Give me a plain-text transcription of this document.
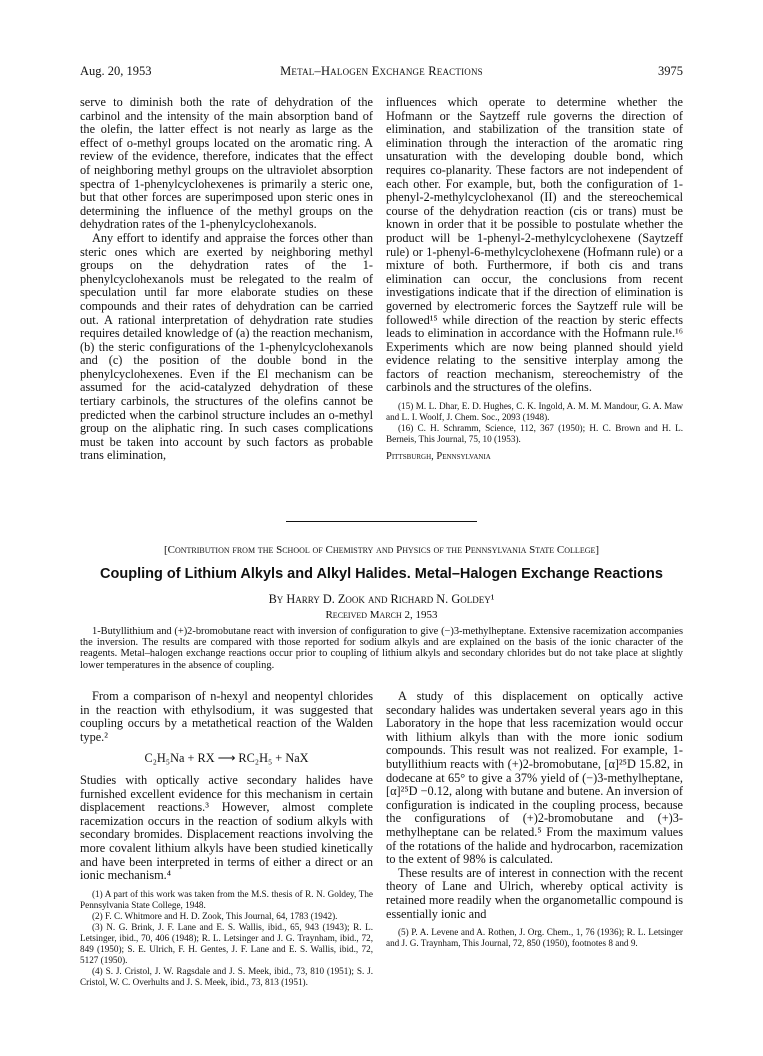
Aug. 20, 1953	Metal–Halogen Exchange Reactions	3975

serve to diminish both the rate of dehydration of the carbinol and the intensity of the main absorption band of the olefin, the latter effect is not nearly as large as the effect of o-methyl groups located on the aromatic ring. A review of the evidence, therefore, indicates that the effect of neighboring methyl groups on the ultraviolet absorption spectra of 1-phenylcyclohexenes is primarily a steric one, but that other forces are superimposed upon steric ones in determining the influence of the methyl groups on the dehydration rates of the 1-phenylcyclohexanols.

Any effort to identify and appraise the forces other than steric ones which are exerted by neighboring methyl groups on the dehydration rates of the 1-phenylcyclohexanols must be relegated to the realm of speculation until far more elaborate studies on these compounds and their rates of dehydration can be carried out. A rational interpretation of dehydration rate studies requires detailed knowledge of (a) the reaction mechanism, (b) the steric configurations of the 1-phenylcyclohexanols and (c) the position of the double bond in the phenylcyclohexenes. Even if the El mechanism can be assumed for the acid-catalyzed dehydration of these tertiary carbinols, the structures of the olefins cannot be predicted when the carbinol structure includes an o-methyl group on the aliphatic ring. In such cases complications must be taken into account by such factors as probable trans elimination,

influences which operate to determine whether the Hofmann or the Saytzeff rule governs the direction of elimination, and stabilization of the transition state of elimination through the interaction of the aromatic ring unsaturation with the developing double bond, which requires co-planarity. These factors are not independent of each other. For example, but, both the configuration of 1-phenyl-2-methylcyclohexanol (II) and the stereochemical course of the dehydration reaction (cis or trans) must be known in order that it be possible to postulate whether the product will be 1-phenyl-2-methylcyclohexene (Saytzeff rule) or 1-phenyl-6-methylcyclohexene (Hofmann rule) or a mixture of both. Furthermore, if both cis and trans elimination can occur, the conclusions from recent investigations indicate that if the direction of elimination is governed by electromeric forces the Saytzeff rule will be followed¹⁵ while direction of the reaction by steric effects leads to elimination in accordance with the Hofmann rule.¹⁶ Experiments which are now being planned should yield evidence relating to the sensitive interplay among the factors of reaction mechanism, stereochemistry of the carbinols and the structures of the olefins.

(15) M. L. Dhar, E. D. Hughes, C. K. Ingold, A. M. M. Mandour, G. A. Maw and L. I. Woolf, J. Chem. Soc., 2093 (1948).

(16) C. H. Schramm, Science, 112, 367 (1950); H. C. Brown and H. L. Berneis, This Journal, 75, 10 (1953).

Pittsburgh, Pennsylvania

[Contribution from the School of Chemistry and Physics of the Pennsylvania State College]
Coupling of Lithium Alkyls and Alkyl Halides. Metal–Halogen Exchange Reactions
By Harry D. Zook and Richard N. Goldey¹
Received March 2, 1953

1-Butyllithium and (+)2-bromobutane react with inversion of configuration to give (−)3-methylheptane. Extensive racemization accompanies the inversion. The results are compared with those reported for sodium alkyls and are explained on the basis of the ionic character of the reagents. Metal–halogen exchange reactions occur prior to coupling of lithium alkyls and secondary chlorides but do not take place at slightly lower temperatures in the absence of coupling.

From a comparison of n-hexyl and neopentyl chlorides in the reaction with ethylsodium, it was suggested that coupling occurs by a metathetical reaction of the Walden type.²

C₂H₅Na + RX ⟶ RC₂H₅ + NaX

Studies with optically active secondary halides have furnished excellent evidence for this mechanism in certain displacement reactions.³ However, almost complete racemization occurs in the reaction of sodium alkyls with secondary bromides. Displacement reactions involving the more covalent lithium alkyls have been studied kinetically and have been interpreted in terms of either a direct or an ionic mechanism.⁴

(1) A part of this work was taken from the M.S. thesis of R. N. Goldey, The Pennsylvania State College, 1948.

(2) F. C. Whitmore and H. D. Zook, This Journal, 64, 1783 (1942).

(3) N. G. Brink, J. F. Lane and E. S. Wallis, ibid., 65, 943 (1943); R. L. Letsinger, ibid., 70, 406 (1948); R. L. Letsinger and J. G. Traynham, ibid., 72, 849 (1950); S. E. Ulrich, F. H. Gentes, J. F. Lane and E. S. Wallis, ibid., 72, 5127 (1950).

(4) S. J. Cristol, J. W. Ragsdale and J. S. Meek, ibid., 73, 810 (1951); S. J. Cristol, W. C. Overhults and J. S. Meek, ibid., 73, 813 (1951).

A study of this displacement on optically active secondary halides was undertaken several years ago in this Laboratory in the hope that less racemization would occur with lithium alkyls than with the more ionic sodium compounds. This result was not realized. For example, 1-butyllithium reacts with (+)2-bromobutane, [α]²⁵D 15.82, in dodecane at 65° to give a 37% yield of (−)3-methylheptane, [α]²⁵D −0.12, along with butane and butene. An inversion of configuration is indicated in the coupling process, because the configurations of (+)2-bromobutane and (+)3-methylheptane can be related.⁵ From the maximum values of the rotations of the halide and hydrocarbon, racemization to the extent of 98% is calculated.

These results are of interest in connection with the recent theory of Lane and Ulrich, whereby optical activity is retained more readily when the organometallic compound is essentially ionic and

(5) P. A. Levene and A. Rothen, J. Org. Chem., 1, 76 (1936); R. L. Letsinger and J. G. Traynham, This Journal, 72, 850 (1950), footnotes 8 and 9.
